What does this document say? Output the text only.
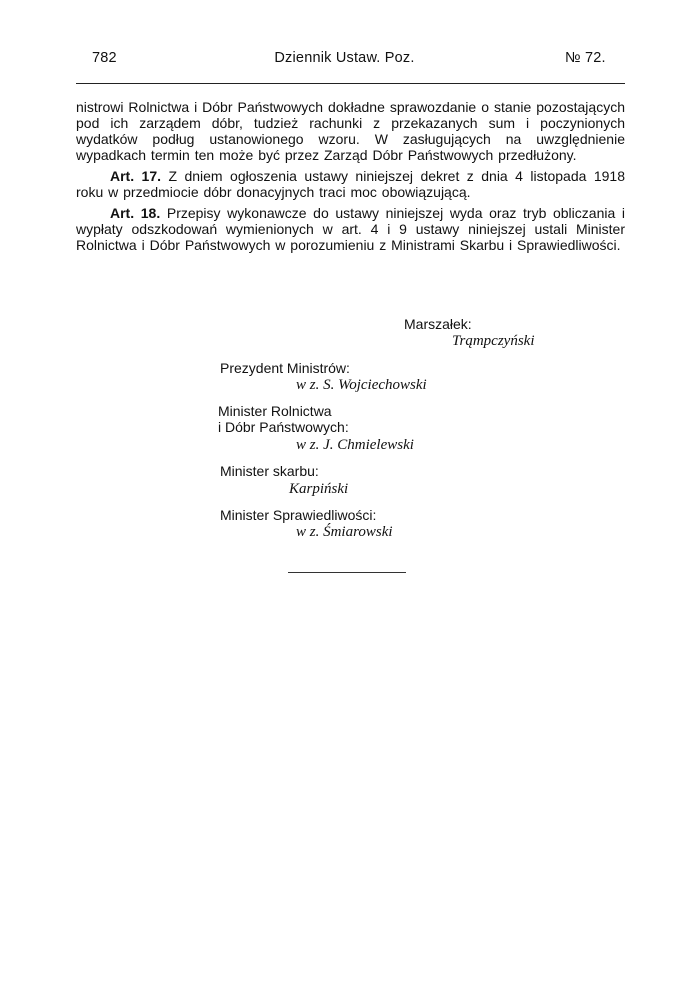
782	Dziennik Ustaw. Poz.	№ 72.

nistrowi Rolnictwa i Dóbr Państwowych dokładne sprawozdanie o stanie pozostających pod ich zarządem dóbr, tudzież rachunki z przekazanych sum i poczynionych wydatków podług ustanowionego wzoru. W zasługujących na uwzględnienie wypadkach termin ten może być przez Zarząd Dóbr Państwowych przedłużony.

Art. 17. Z dniem ogłoszenia ustawy niniejszej dekret z dnia 4 listopada 1918 roku w przedmiocie dóbr donacyjnych traci moc obowiązującą.

Art. 18. Przepisy wykonawcze do ustawy niniejszej wyda oraz tryb obliczania i wypłaty odszkodowań wymienionych w art. 4 i 9 ustawy niniejszej ustali Minister Rolnictwa i Dóbr Państwowych w porozumieniu z Ministrami Skarbu i Sprawiedliwości.

Marszałek:
Trąmpczyński
Prezydent Ministrów:
w z. S. Wojciechowski
Minister Rolnictwa
i Dóbr Państwowych:
w z. J. Chmielewski
Minister skarbu:
Karpiński
Minister Sprawiedliwości:
w z. Śmiarowski
